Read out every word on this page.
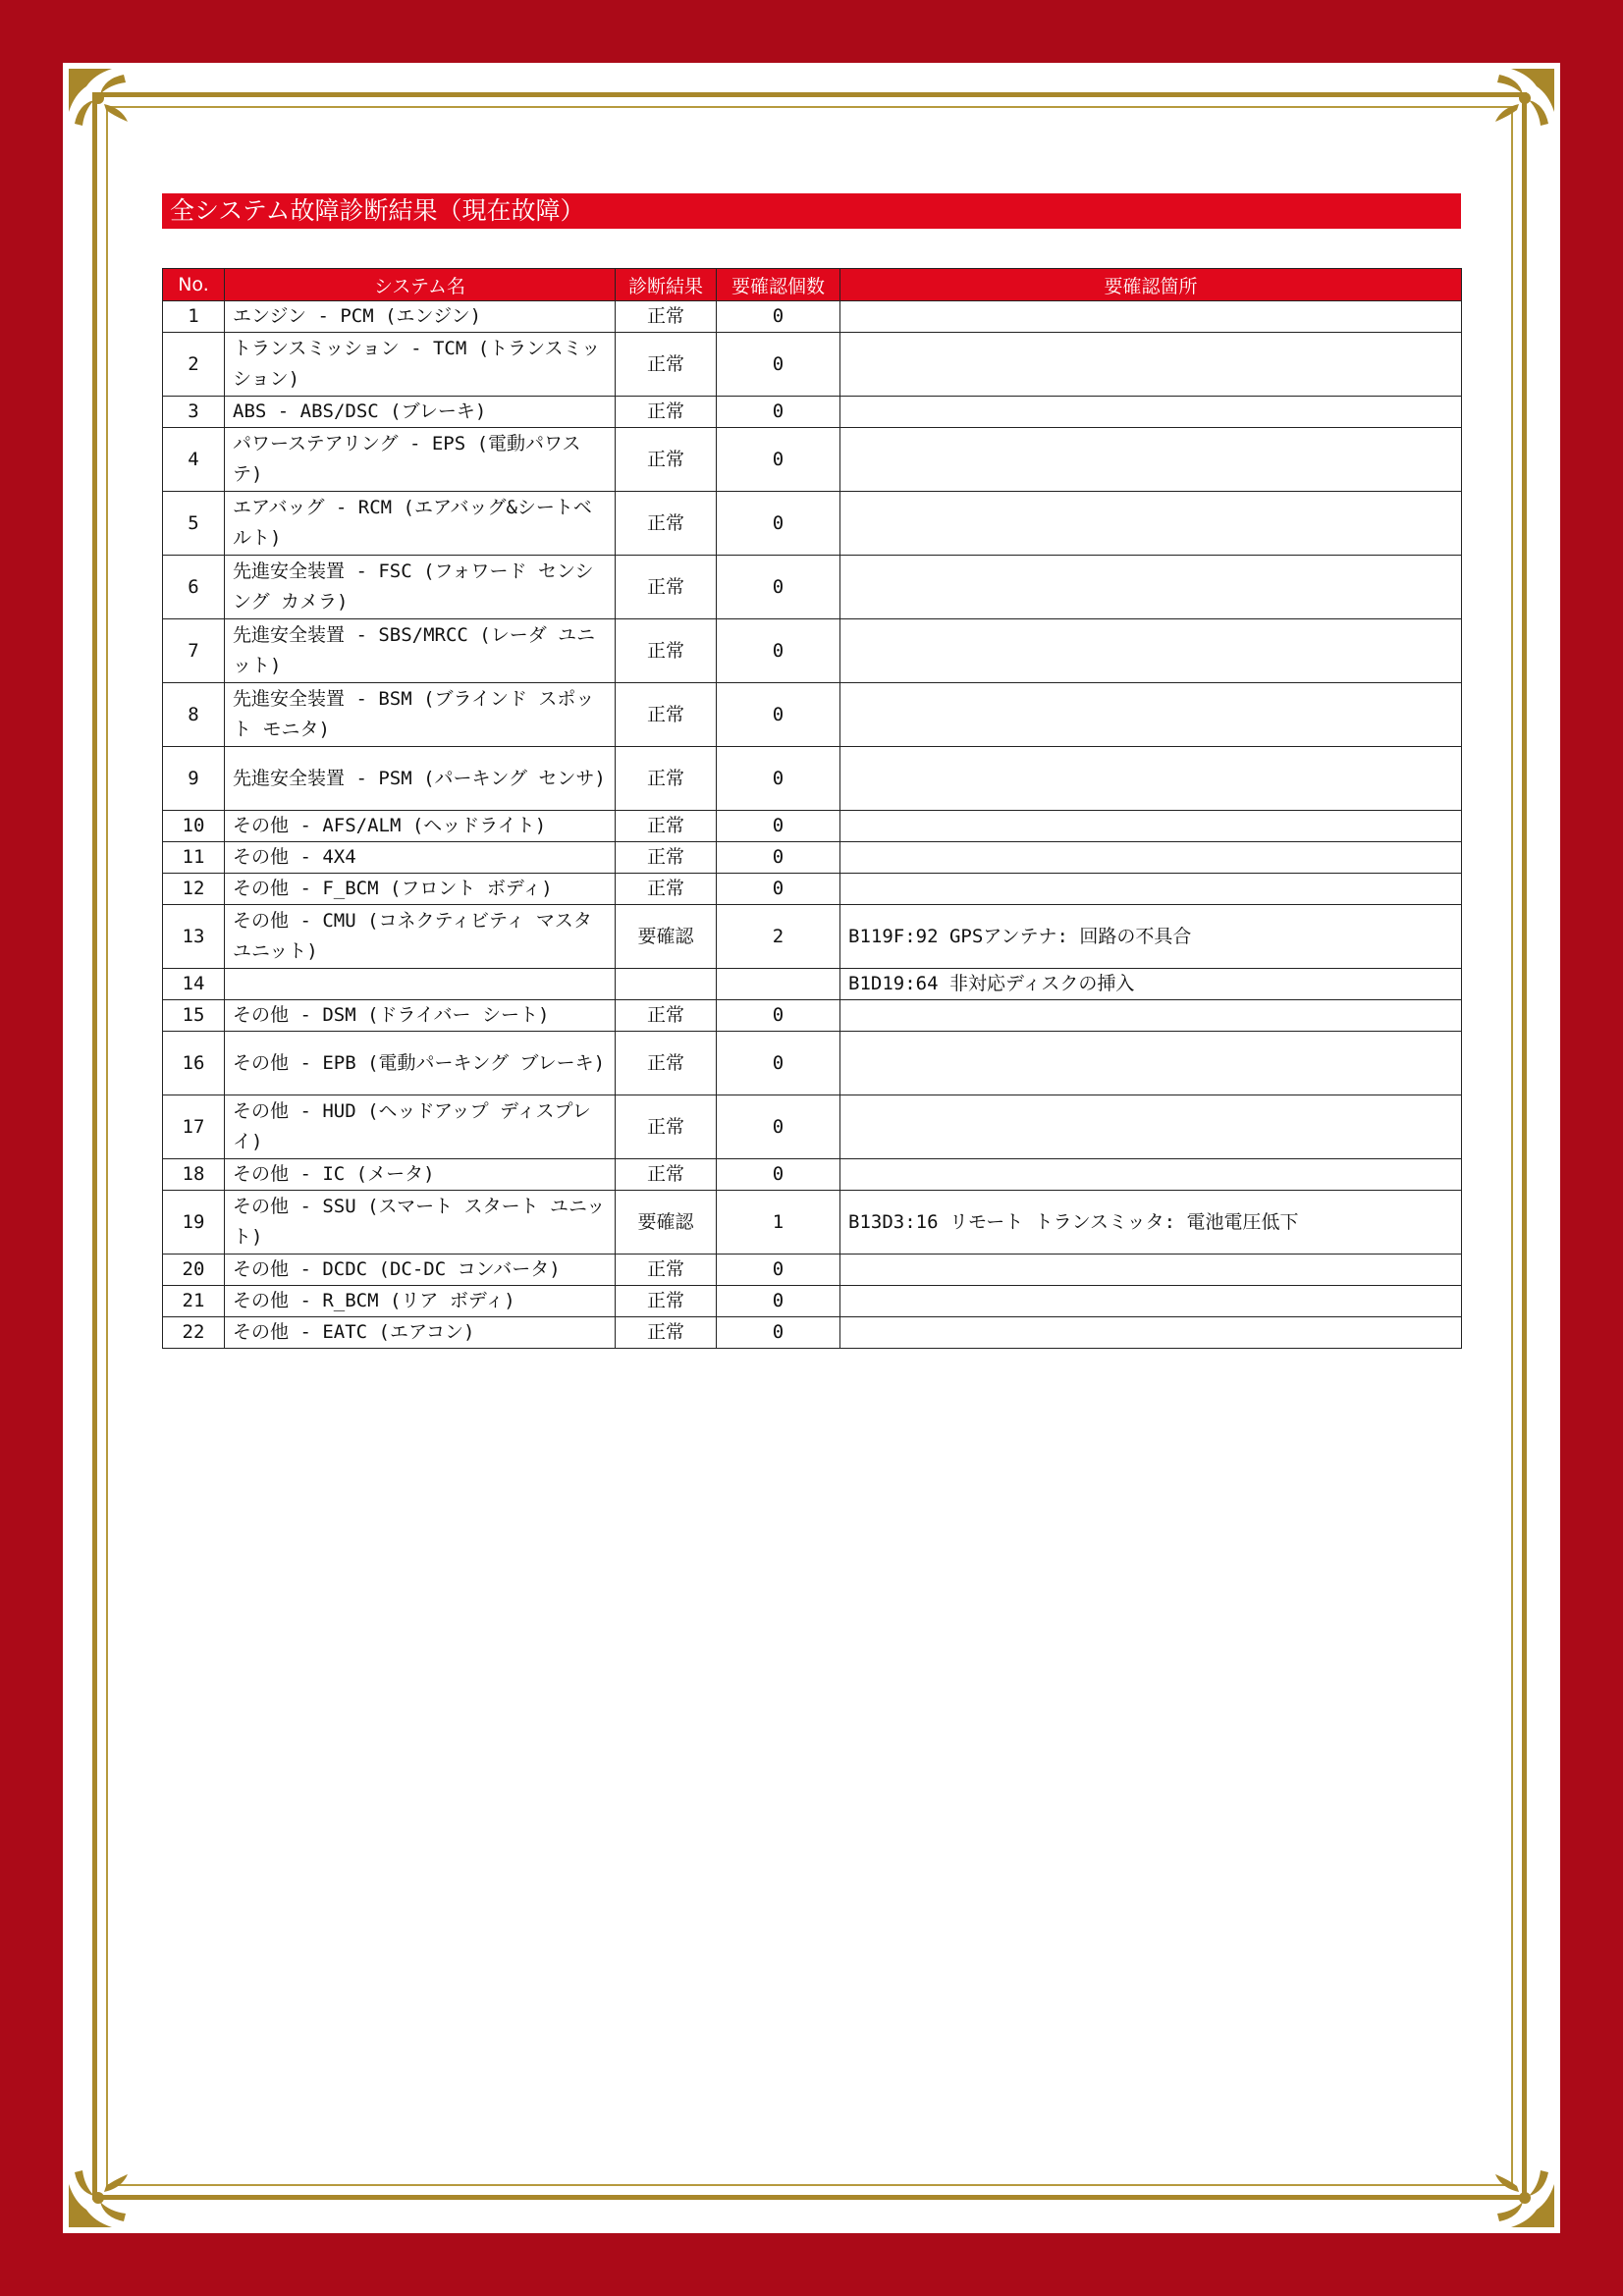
全システム故障診断結果（現在故障）
No.	システム名	診断結果	要確認個数	要確認箇所
1	エンジン - PCM (エンジン)	正常	0	
2	トランスミッション - TCM (トランスミッション)	正常	0	
3	ABS - ABS/DSC (ブレーキ)	正常	0	
4	パワーステアリング - EPS (電動パワステ)	正常	0	
5	エアバッグ - RCM (エアバッグ&シートベルト)	正常	0	
6	先進安全装置 - FSC (フォワード センシング カメラ)	正常	0	
7	先進安全装置 - SBS/MRCC (レーダ ユニット)	正常	0	
8	先進安全装置 - BSM (ブラインド スポット モニタ)	正常	0	
9	先進安全装置 - PSM (パーキング センサ)	正常	0	
10	その他 - AFS/ALM (ヘッドライト)	正常	0	
11	その他 - 4X4	正常	0	
12	その他 - F_BCM (フロント ボディ)	正常	0	
13	その他 - CMU (コネクティビティ マスタ ユニット)	要確認	2	B119F:92 GPSアンテナ: 回路の不具合
14				B1D19:64 非対応ディスクの挿入
15	その他 - DSM (ドライバー シート)	正常	0	
16	その他 - EPB (電動パーキング ブレーキ)	正常	0	
17	その他 - HUD (ヘッドアップ ディスプレイ)	正常	0	
18	その他 - IC (メータ)	正常	0	
19	その他 - SSU (スマート スタート ユニット)	要確認	1	B13D3:16 リモート トランスミッタ: 電池電圧低下
20	その他 - DCDC (DC-DC コンバータ)	正常	0	
21	その他 - R_BCM (リア ボディ)	正常	0	
22	その他 - EATC (エアコン)	正常	0	
